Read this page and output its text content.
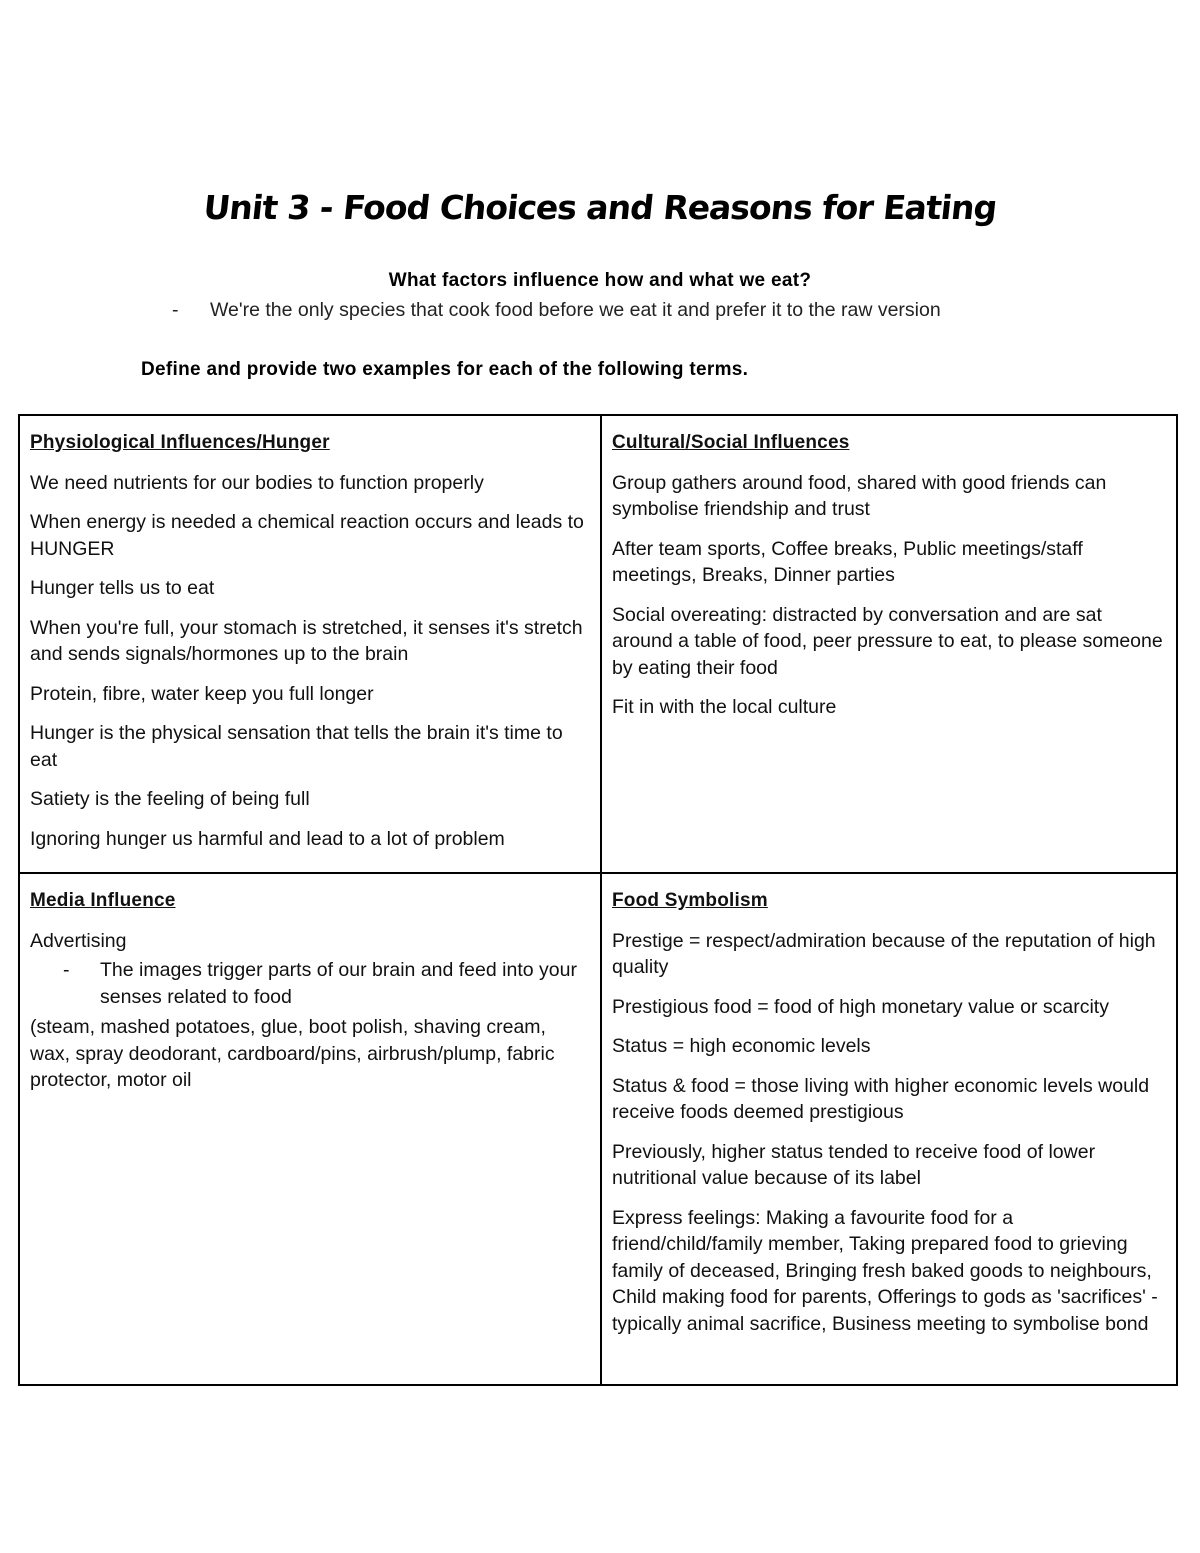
Unit 3 - Food Choices and Reasons for Eating
What factors influence how and what we eat?
- We're the only species that cook food before we eat it and prefer it to the raw version
Define and provide two examples for each of the following terms.
Physiological Influences/Hunger
We need nutrients for our bodies to function properly
When energy is needed a chemical reaction occurs and leads to HUNGER
Hunger tells us to eat
When you're full, your stomach is stretched, it senses it's stretch and sends signals/hormones up to the brain
Protein, fibre, water keep you full longer
Hunger is the physical sensation that tells the brain it's time to eat
Satiety is the feeling of being full
Ignoring hunger us harmful and lead to a lot of problem
Cultural/Social Influences
Group gathers around food, shared with good friends can symbolise friendship and trust
After team sports, Coffee breaks, Public meetings/staff meetings, Breaks, Dinner parties
Social overeating: distracted by conversation and are sat around a table of food, peer pressure to eat, to please someone by eating their food
Fit in with the local culture
Media Influence
Advertising
- The images trigger parts of our brain and feed into your senses related to food
(steam, mashed potatoes, glue, boot polish, shaving cream, wax, spray deodorant, cardboard/pins, airbrush/plump, fabric protector, motor oil
Food Symbolism
Prestige = respect/admiration because of the reputation of high quality
Prestigious food = food of high monetary value or scarcity
Status = high economic levels
Status & food = those living with higher economic levels would receive foods deemed prestigious
Previously, higher status tended to receive food of lower nutritional value because of its label
Express feelings: Making a favourite food for a friend/child/family member, Taking prepared food to grieving family of deceased, Bringing fresh baked goods to neighbours, Child making food for parents, Offerings to gods as 'sacrifices' - typically animal sacrifice, Business meeting to symbolise bond
